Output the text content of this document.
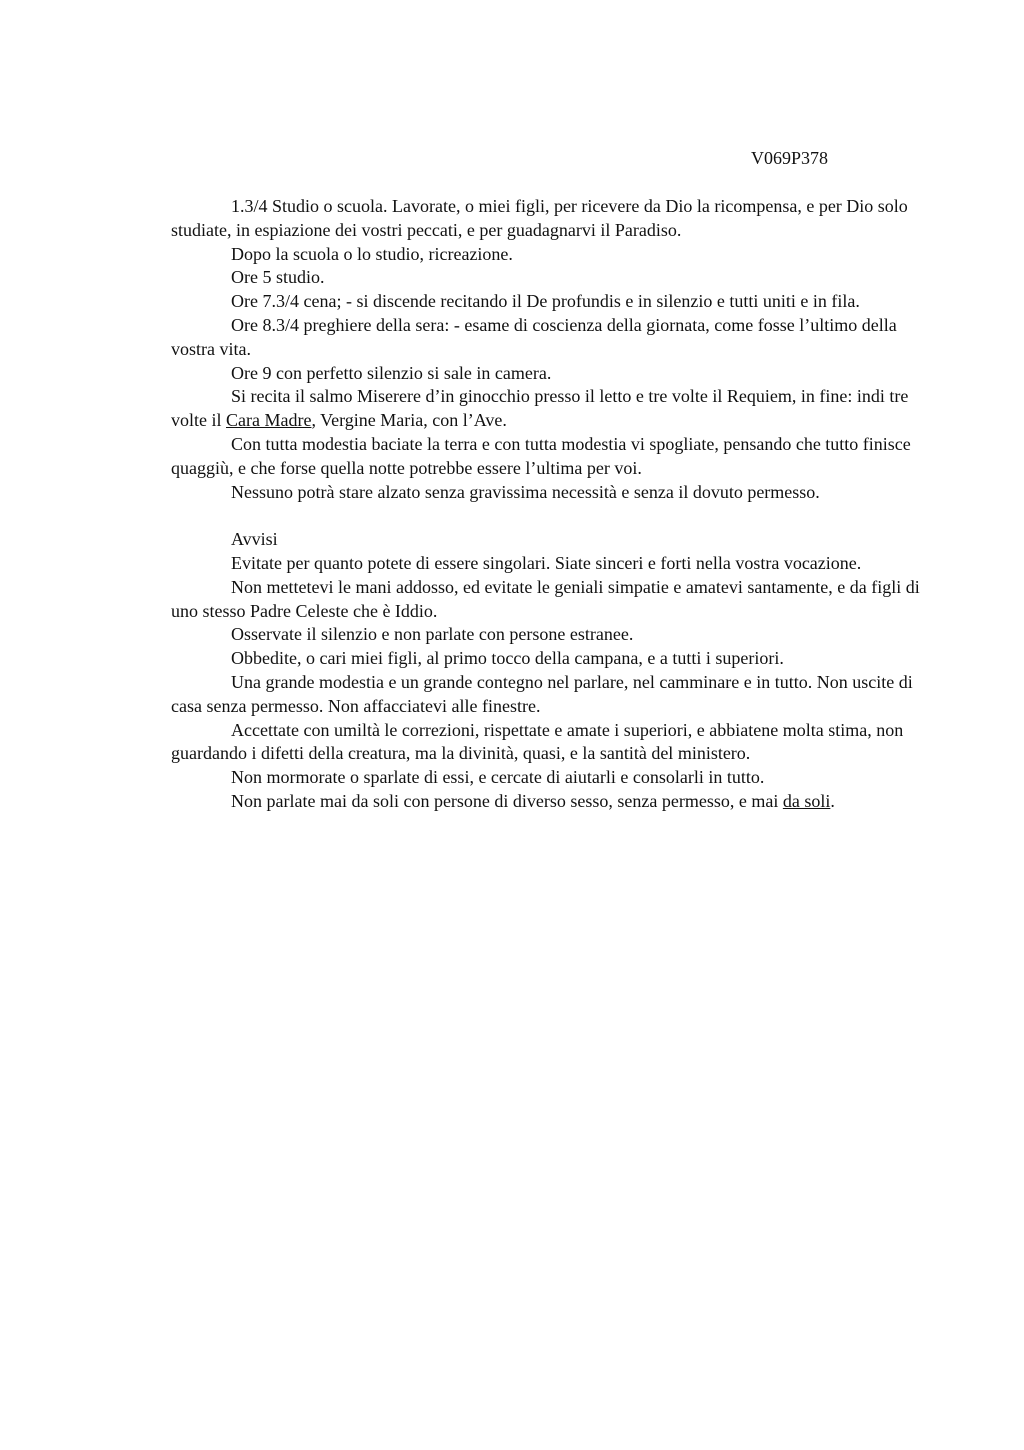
V069P378

1.3/4 Studio o scuola. Lavorate, o miei figli, per ricevere da Dio la ricompensa, e per Dio solo studiate, in espiazione dei vostri peccati, e per guadagnarvi il Paradiso.

Dopo la scuola o lo studio, ricreazione.

Ore 5 studio.

Ore 7.3/4 cena; - si discende recitando il De profundis e in silenzio e tutti uniti e in fila.

Ore 8.3/4 preghiere della sera: - esame di coscienza della giornata, come fosse l’ultimo della vostra vita.

Ore 9 con perfetto silenzio si sale in camera.

Si recita il salmo Miserere d’in ginocchio presso il letto e tre volte il Requiem, in fine: indi tre volte il Cara Madre, Vergine Maria, con l’Ave.

Con tutta modestia baciate la terra e con tutta modestia vi spogliate, pensando che tutto finisce quaggiù, e che forse quella notte potrebbe essere l’ultima per voi.

Nessuno potrà stare alzato senza gravissima necessità e senza il dovuto permesso.

Avvisi

Evitate per quanto potete di essere singolari. Siate sinceri e forti nella vostra vocazione.

Non mettetevi le mani addosso, ed evitate le geniali simpatie e amatevi santamente, e da figli di uno stesso Padre Celeste che è Iddio.

Osservate il silenzio e non parlate con persone estranee.

Obbedite, o cari miei figli, al primo tocco della campana, e a tutti i superiori.

Una grande modestia e un grande contegno nel parlare, nel camminare e in tutto. Non uscite di casa senza permesso. Non affacciatevi alle finestre.

Accettate con umiltà le correzioni, rispettate e amate i superiori, e abbiatene molta stima, non guardando i difetti della creatura, ma la divinità, quasi, e la santità del ministero.

Non mormorate o sparlate di essi, e cercate di aiutarli e consolarli in tutto.

Non parlate mai da soli con persone di diverso sesso, senza permesso, e mai da soli.
